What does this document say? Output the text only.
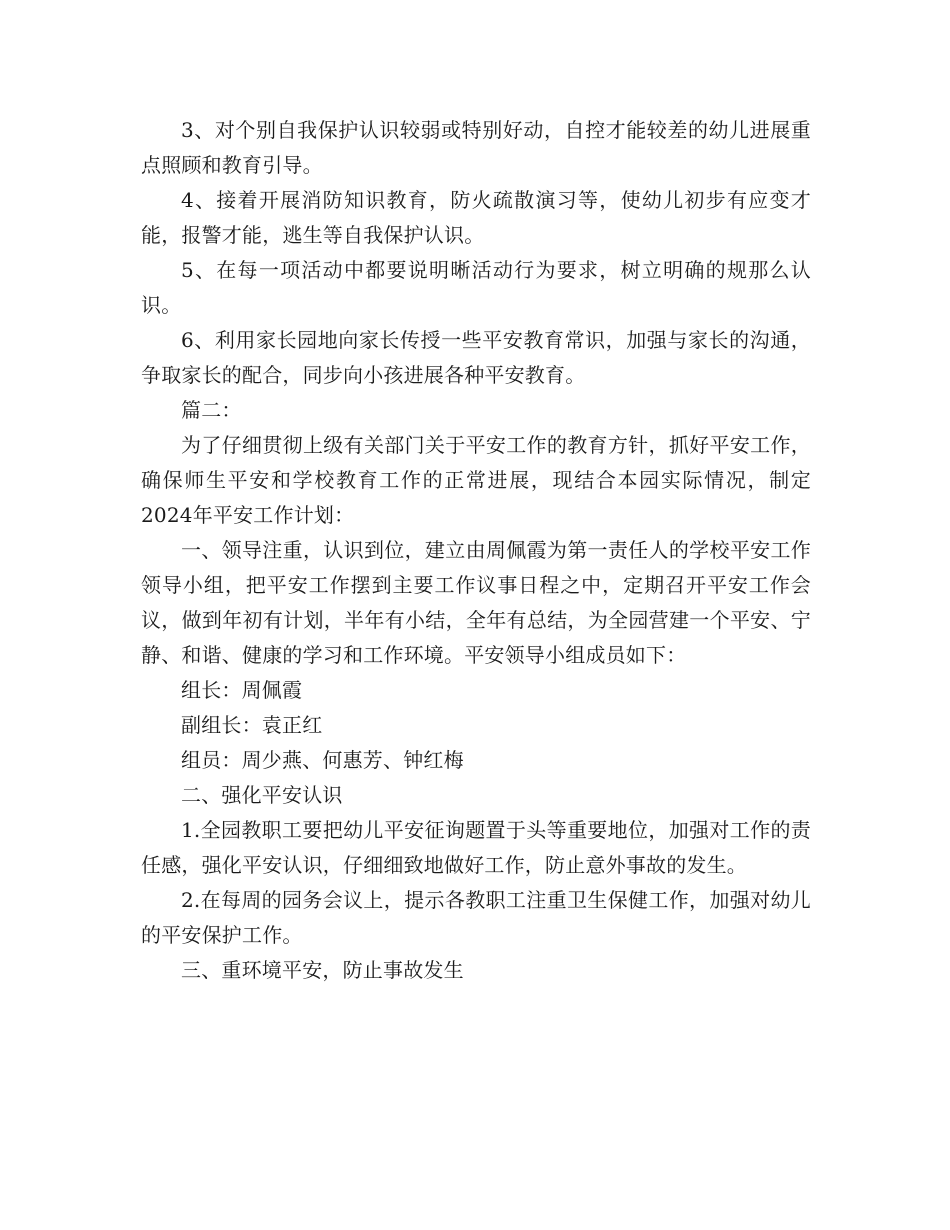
3、对个别自我保护认识较弱或特别好动，自控才能较差的幼儿进展重点照顾和教育引导。

4、接着开展消防知识教育，防火疏散演习等，使幼儿初步有应变才能，报警才能，逃生等自我保护认识。

5、在每一项活动中都要说明晰活动行为要求，树立明确的规那么认识。

6、利用家长园地向家长传授一些平安教育常识，加强与家长的沟通，争取家长的配合，同步向小孩进展各种平安教育。

篇二：

为了仔细贯彻上级有关部门关于平安工作的教育方针，抓好平安工作，确保师生平安和学校教育工作的正常进展，现结合本园实际情况，制定2024年平安工作计划：

一、领导注重，认识到位，建立由周佩霞为第一责任人的学校平安工作领导小组，把平安工作摆到主要工作议事日程之中，定期召开平安工作会议，做到年初有计划，半年有小结，全年有总结，为全园营建一个平安、宁静、和谐、健康的学习和工作环境。平安领导小组成员如下：

组长：周佩霞

副组长：袁正红

组员：周少燕、何惠芳、钟红梅

二、强化平安认识

1.全园教职工要把幼儿平安征询题置于头等重要地位，加强对工作的责任感，强化平安认识，仔细细致地做好工作，防止意外事故的发生。

2.在每周的园务会议上，提示各教职工注重卫生保健工作，加强对幼儿的平安保护工作。

三、重环境平安，防止事故发生
